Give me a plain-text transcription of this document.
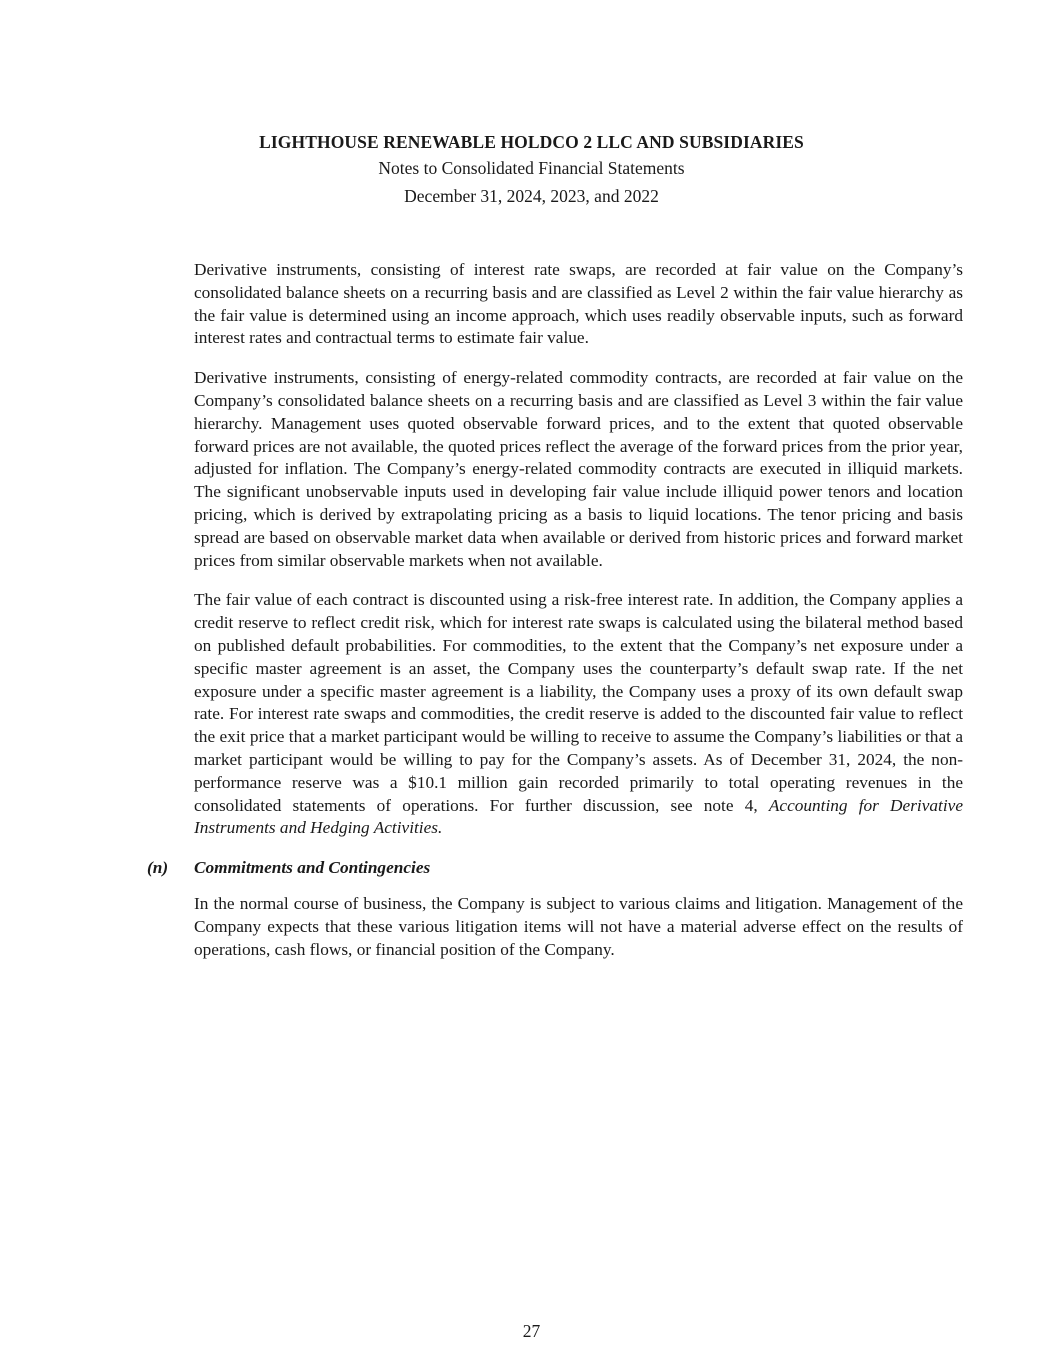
LIGHTHOUSE RENEWABLE HOLDCO 2 LLC AND SUBSIDIARIES
Notes to Consolidated Financial Statements
December 31, 2024, 2023, and 2022

Derivative instruments, consisting of interest rate swaps, are recorded at fair value on the Company’s consolidated balance sheets on a recurring basis and are classified as Level 2 within the fair value hierarchy as the fair value is determined using an income approach, which uses readily observable inputs, such as forward interest rates and contractual terms to estimate fair value.

Derivative instruments, consisting of energy-related commodity contracts, are recorded at fair value on the Company’s consolidated balance sheets on a recurring basis and are classified as Level 3 within the fair value hierarchy. Management uses quoted observable forward prices, and to the extent that quoted observable forward prices are not available, the quoted prices reflect the average of the forward prices from the prior year, adjusted for inflation. The Company’s energy-related commodity contracts are executed in illiquid markets. The significant unobservable inputs used in developing fair value include illiquid power tenors and location pricing, which is derived by extrapolating pricing as a basis to liquid locations. The tenor pricing and basis spread are based on observable market data when available or derived from historic prices and forward market prices from similar observable markets when not available.

The fair value of each contract is discounted using a risk-free interest rate. In addition, the Company applies a credit reserve to reflect credit risk, which for interest rate swaps is calculated using the bilateral method based on published default probabilities. For commodities, to the extent that the Company’s net exposure under a specific master agreement is an asset, the Company uses the counterparty’s default swap rate. If the net exposure under a specific master agreement is a liability, the Company uses a proxy of its own default swap rate. For interest rate swaps and commodities, the credit reserve is added to the discounted fair value to reflect the exit price that a market participant would be willing to receive to assume the Company’s liabilities or that a market participant would be willing to pay for the Company’s assets. As of December 31, 2024, the non-performance reserve was a $10.1 million gain recorded primarily to total operating revenues in the consolidated statements of operations. For further discussion, see note 4, Accounting for Derivative Instruments and Hedging Activities.

(n) Commitments and Contingencies

In the normal course of business, the Company is subject to various claims and litigation. Management of the Company expects that these various litigation items will not have a material adverse effect on the results of operations, cash flows, or financial position of the Company.

27
